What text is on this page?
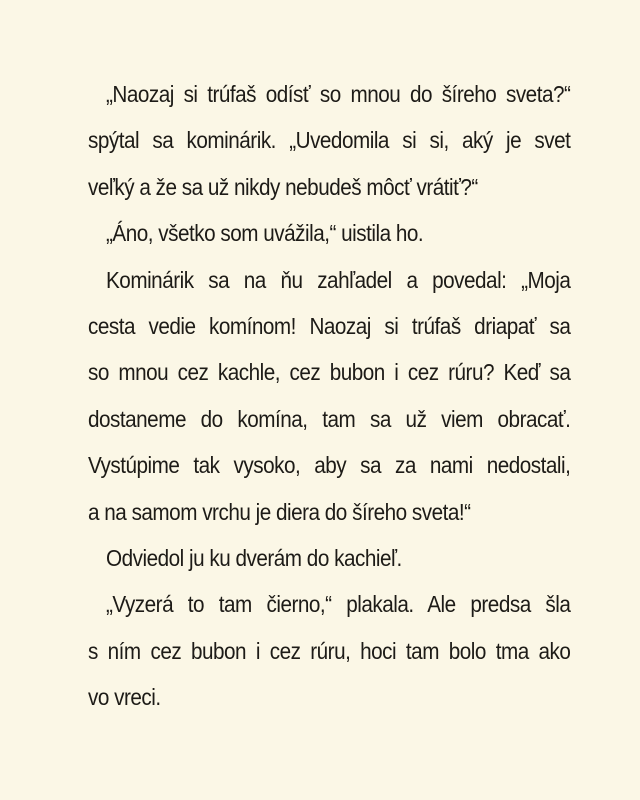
„Naozaj si trúfaš odísť so mnou do šíreho sveta?“
spýtal sa kominárik. „Uvedomila si si, aký je svet
veľký a že sa už nikdy nebudeš môcť vrátiť?“
„Áno, všetko som uvážila,“ uistila ho.
Kominárik sa na ňu zahľadel a povedal: „Moja
cesta vedie komínom! Naozaj si trúfaš driapať sa
so mnou cez kachle, cez bubon i cez rúru? Keď sa
dostaneme do komína, tam sa už viem obracať.
Vystúpime tak vysoko, aby sa za nami nedostali,
a na samom vrchu je diera do šíreho sveta!“
Odviedol ju ku dverám do kachieľ.
„Vyzerá to tam čierno,“ plakala. Ale predsa šla
s ním cez bubon i cez rúru, hoci tam bolo tma ako
vo vreci.
